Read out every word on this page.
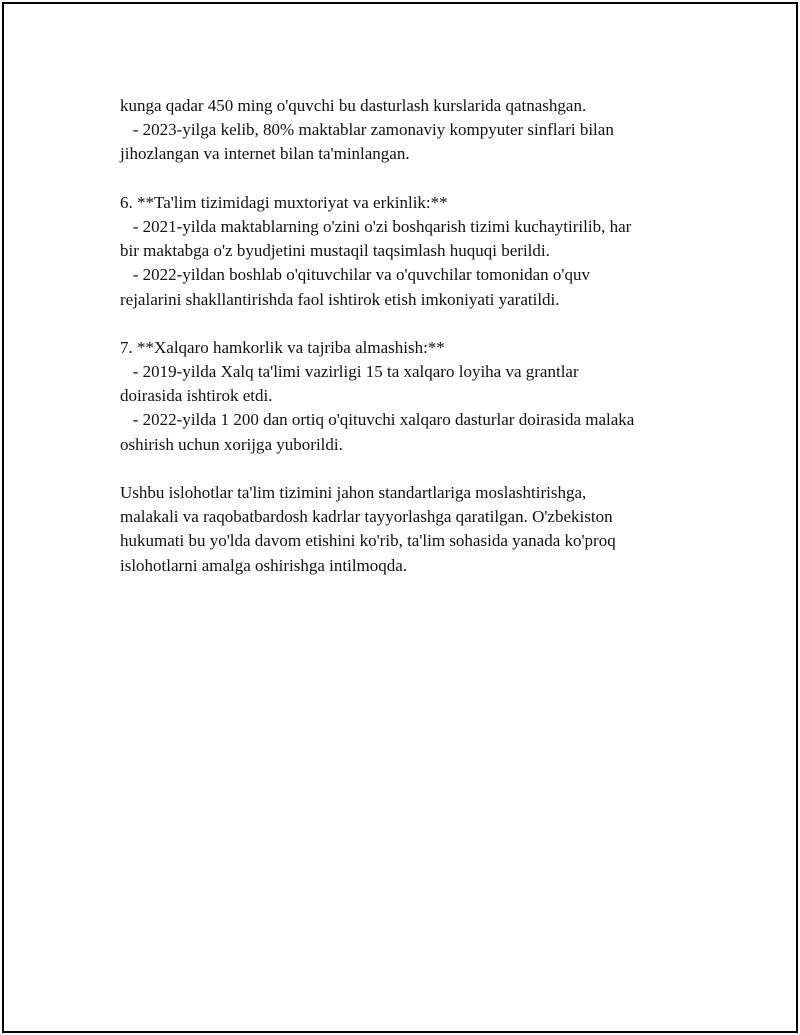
kunga qadar 450 ming o'quvchi bu dasturlash kurslarida qatnashgan.
- 2023-yilga kelib, 80% maktablar zamonaviy kompyuter sinflari bilan
jihozlangan va internet bilan ta'minlangan.
6. **Ta'lim tizimidagi muxtoriyat va erkinlik:**
- 2021-yilda maktablarning o'zini o'zi boshqarish tizimi kuchaytirilib, har
bir maktabga o'z byudjetini mustaqil taqsimlash huquqi berildi.
- 2022-yildan boshlab o'qituvchilar va o'quvchilar tomonidan o'quv
rejalarini shakllantirishda faol ishtirok etish imkoniyati yaratildi.
7. **Xalqaro hamkorlik va tajriba almashish:**
- 2019-yilda Xalq ta'limi vazirligi 15 ta xalqaro loyiha va grantlar
doirasida ishtirok etdi.
- 2022-yilda 1 200 dan ortiq o'qituvchi xalqaro dasturlar doirasida malaka
oshirish uchun xorijga yuborildi.
Ushbu islohotlar ta'lim tizimini jahon standartlariga moslashtirishga,
malakali va raqobatbardosh kadrlar tayyorlashga qaratilgan. O'zbekiston
hukumati bu yo'lda davom etishini ko'rib, ta'lim sohasida yanada ko'proq
islohotlarni amalga oshirishga intilmoqda.
